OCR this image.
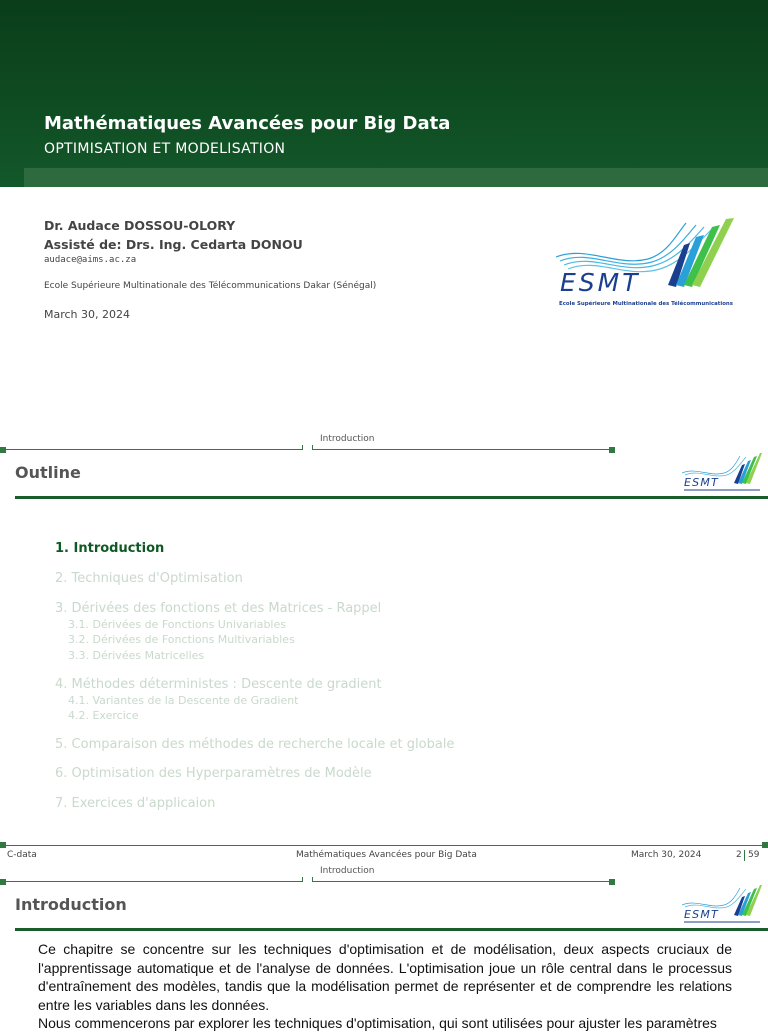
Mathématiques Avancées pour Big Data
OPTIMISATION ET MODELISATION
Dr. Audace DOSSOU-OLORY
Assisté de: Drs. Ing. Cedarta DONOU
audace@aims.ac.za
Ecole Supérieure Multinationale des Télécommunications Dakar (Sénégal)
March 30, 2024
ESMT
Ecole Supérieure Multinationale des Télécommunications
Introduction
Outline
ESMT
1. Introduction
2. Techniques d'Optimisation
3. Dérivées des fonctions et des Matrices - Rappel
3.1. Dérivées de Fonctions Univariables
3.2. Dérivées de Fonctions Multivariables
3.3. Dérivées Matricelles
4. Méthodes déterministes : Descente de gradient
4.1. Variantes de la Descente de Gradient
4.2. Exercice
5. Comparaison des méthodes de recherche locale et globale
6. Optimisation des Hyperparamètres de Modèle
7. Exercices d'applicaion
C-data	Mathématiques Avancées pour Big Data	March 30, 2024	2 59
Introduction
Introduction
ESMT

Ce chapitre se concentre sur les techniques d'optimisation et de modélisation, deux aspects cruciaux de l'apprentissage automatique et de l'analyse de données. L'optimisation joue un rôle central dans le processus d'entraînement des modèles, tandis que la modélisation permet de représenter et de comprendre les relations entre les variables dans les données.

Nous commencerons par explorer les techniques d'optimisation, qui sont utilisées pour ajuster les paramètres
